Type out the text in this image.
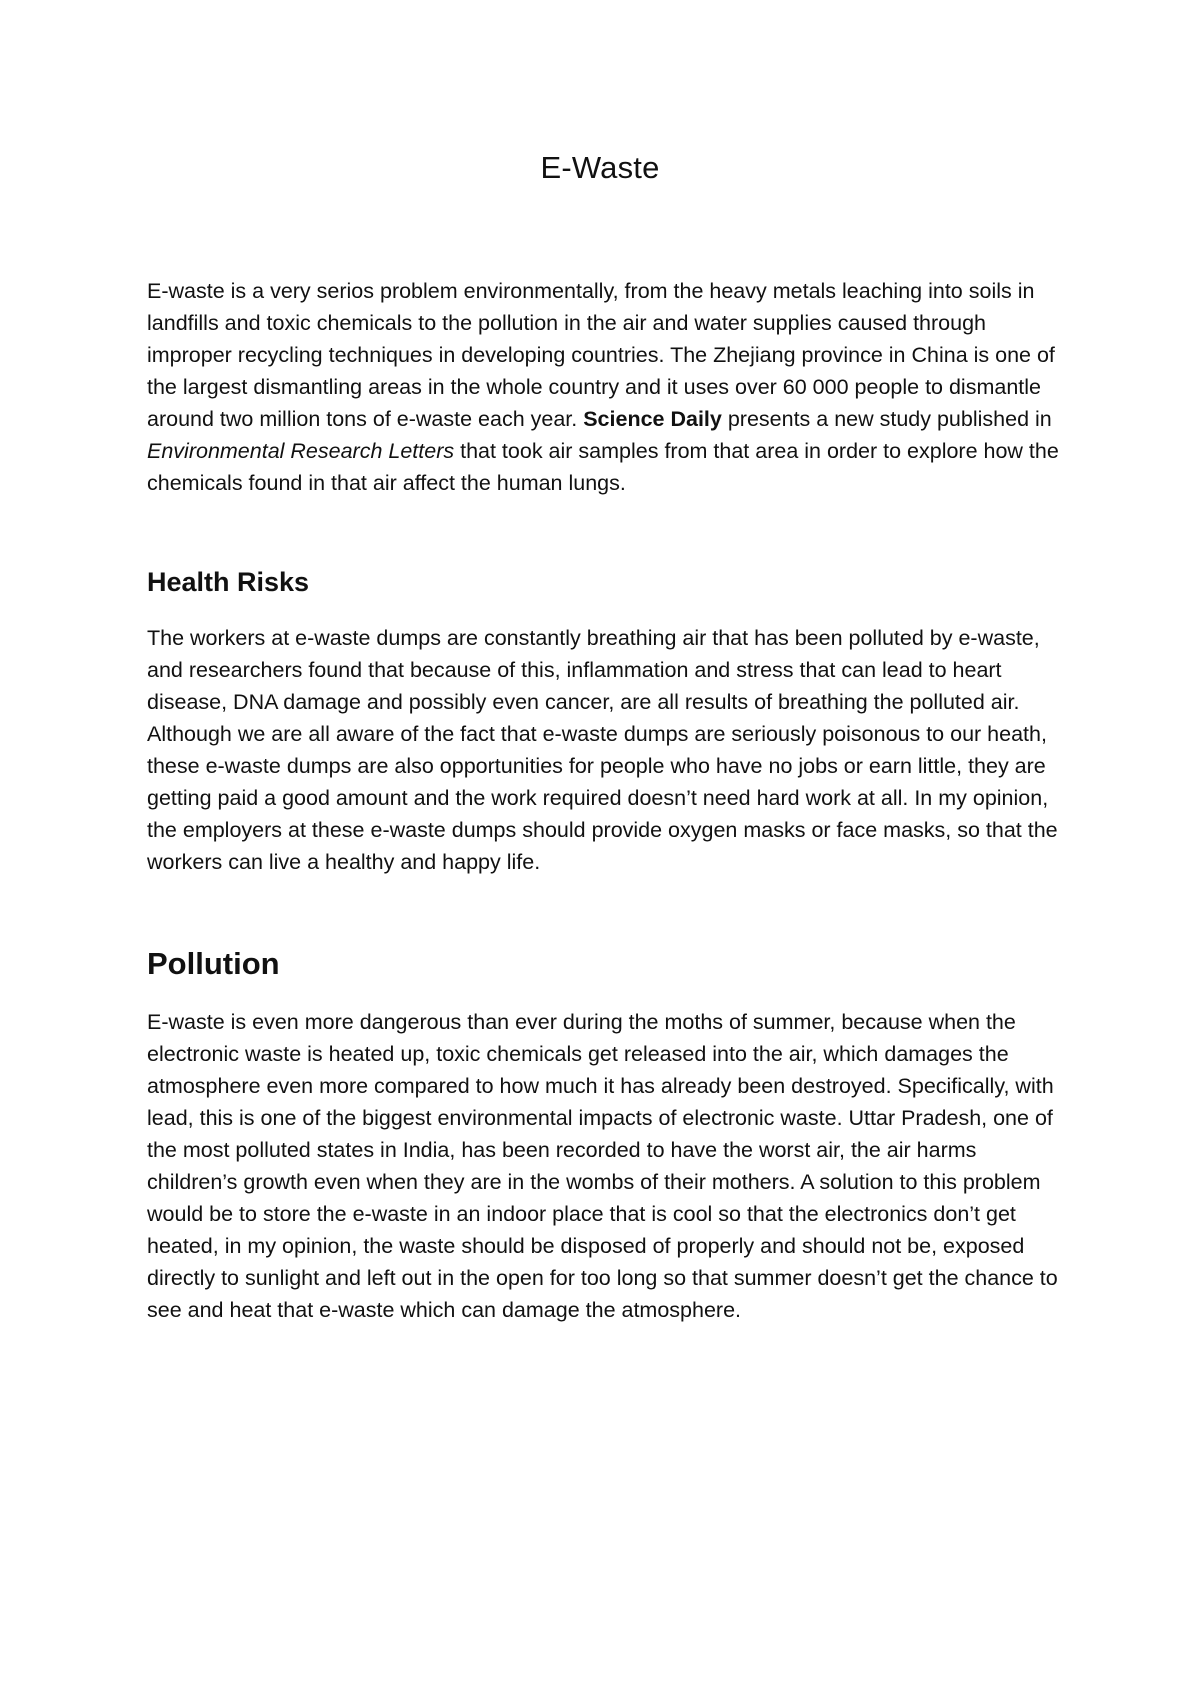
E-Waste

E-waste is a very serios problem environmentally, from the heavy metals leaching into soils in landfills and toxic chemicals to the pollution in the air and water supplies caused through improper recycling techniques in developing countries. The Zhejiang province in China is one of the largest dismantling areas in the whole country and it uses over 60 000 people to dismantle around two million tons of e-waste each year. Science Daily presents a new study published in Environmental Research Letters that took air samples from that area in order to explore how the chemicals found in that air affect the human lungs.

Health Risks

The workers at e-waste dumps are constantly breathing air that has been polluted by e-waste, and researchers found that because of this, inflammation and stress that can lead to heart disease, DNA damage and possibly even cancer, are all results of breathing the polluted air. Although we are all aware of the fact that e-waste dumps are seriously poisonous to our heath, these e-waste dumps are also opportunities for people who have no jobs or earn little, they are getting paid a good amount and the work required doesn’t need hard work at all. In my opinion, the employers at these e-waste dumps should provide oxygen masks or face masks, so that the workers can live a healthy and happy life.

Pollution

E-waste is even more dangerous than ever during the moths of summer, because when the electronic waste is heated up, toxic chemicals get released into the air, which damages the atmosphere even more compared to how much it has already been destroyed. Specifically, with lead, this is one of the biggest environmental impacts of electronic waste. Uttar Pradesh, one of the most polluted states in India, has been recorded to have the worst air, the air harms children’s growth even when they are in the wombs of their mothers. A solution to this problem would be to store the e-waste in an indoor place that is cool so that the electronics don’t get heated, in my opinion, the waste should be disposed of properly and should not be, exposed directly to sunlight and left out in the open for too long so that summer doesn’t get the chance to see and heat that e-waste which can damage the atmosphere.
